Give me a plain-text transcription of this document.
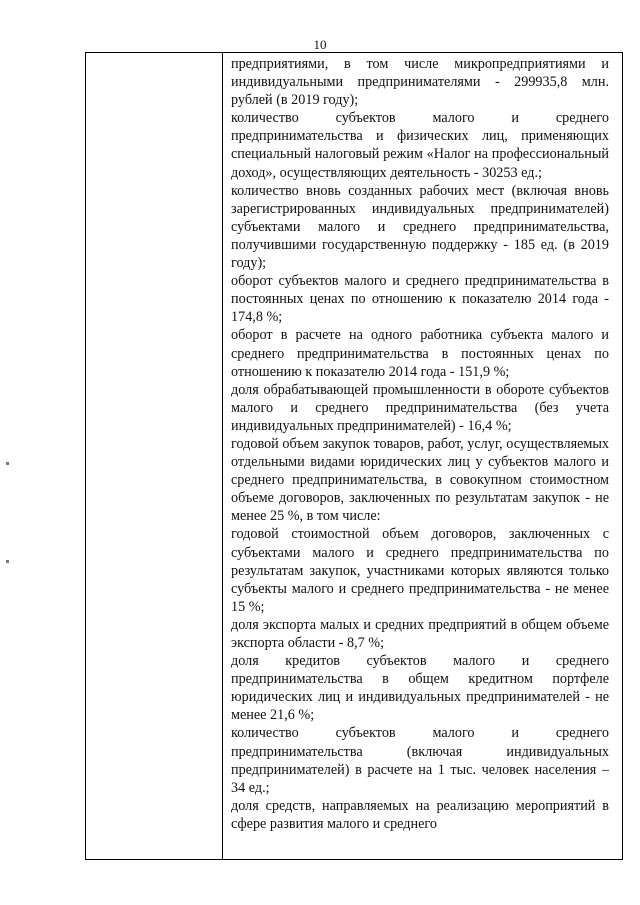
10

предприятиями, в том числе микропредприятиями и индивидуальными предпринимателями - 299935,8 млн. рублей (в 2019 году);

количество субъектов малого и среднего предпринимательства и физических лиц, применяющих специальный налоговый режим «Налог на профессиональный доход», осуществляющих деятельность - 30253 ед.;

количество вновь созданных рабочих мест (включая вновь зарегистрированных индивидуальных предпринимателей) субъектами малого и среднего предпринимательства, получившими государственную поддержку - 185 ед. (в 2019 году);

оборот субъектов малого и среднего предпринимательства в постоянных ценах по отношению к показателю 2014 года - 174,8 %;

оборот в расчете на одного работника субъекта малого и среднего предпринимательства в постоянных ценах по отношению к показателю 2014 года - 151,9 %;

доля обрабатывающей промышленности в обороте субъектов малого и среднего предпринимательства (без учета индивидуальных предпринимателей) - 16,4 %;

годовой объем закупок товаров, работ, услуг, осуществляемых отдельными видами юридических лиц у субъектов малого и среднего предпринимательства, в совокупном стоимостном объеме договоров, заключенных по результатам закупок - не менее 25 %, в том числе:

годовой стоимостной объем договоров, заключенных с субъектами малого и среднего предпринимательства по результатам закупок, участниками которых являются только субъекты малого и среднего предпринимательства - не менее 15 %;

доля экспорта малых и средних предприятий в общем объеме экспорта области - 8,7 %;

доля кредитов субъектов малого и среднего предпринимательства в общем кредитном портфеле юридических лиц и индивидуальных предпринимателей - не менее 21,6 %;

количество субъектов малого и среднего предпринимательства (включая индивидуальных предпринимателей) в расчете на 1 тыс. человек населения – 34 ед.;

доля средств, направляемых на реализацию мероприятий в сфере развития малого и среднего
